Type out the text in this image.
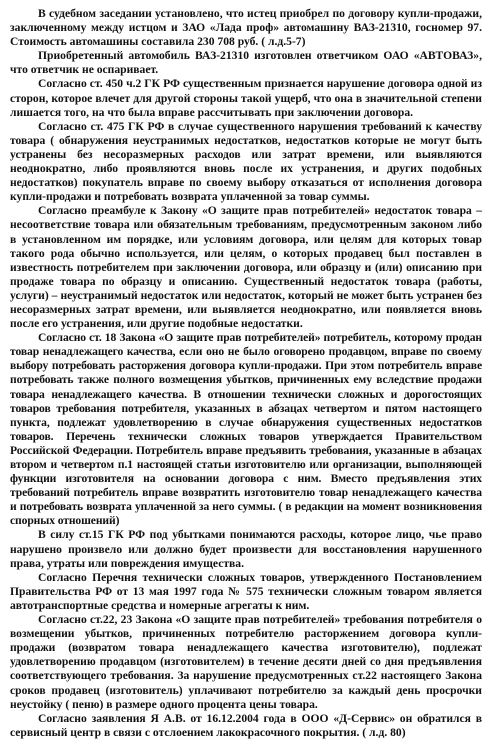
В судебном заседании установлено, что истец приобрел по договору купли-продажи, заключенному между истцом и ЗАО «Лада проф» автомашину ВАЗ-21310, госномер 97. Стоимость автомашины составила 230 708 руб. ( л.д.5-7)

Приобретенный автомобиль ВАЗ-21310 изготовлен ответчиком ОАО «АВТОВАЗ», что ответчик не оспаривает.

Согласно ст. 450 ч.2 ГК РФ существенным признается нарушение договора одной из сторон, которое влечет для другой стороны такой ущерб, что она в значительной степени лишается того, на что была вправе рассчитывать при заключении договора.

Согласно ст. 475 ГК РФ в случае существенного нарушения требований к качеству товара ( обнаружения неустранимых недостатков, недостатков которые не могут быть устранены без несоразмерных расходов или затрат времени, или выявляются неоднократно, либо проявляются вновь после их устранения, и других подобных недостатков) покупатель вправе по своему выбору отказаться от исполнения договора купли-продажи и потребовать возврата уплаченной за товар суммы.

Согласно преамбуле к Закону «О защите прав потребителей» недостаток товара – несоответствие товара или обязательным требованиям, предусмотренным законом либо в установленном им порядке, или условиям договора, или целям для которых товар такого рода обычно используется, или целям, о которых продавец был поставлен в известность потребителем при заключении договора, или образцу и (или) описанию при продаже товара по образцу и описанию. Существенный недостаток товара (работы, услуги) – неустранимый недостаток или недостаток, который не может быть устранен без несоразмерных затрат времени, или выявляется неоднократно, или появляется вновь после его устранения, или другие подобные недостатки.

Согласно ст. 18 Закона «О защите прав потребителей» потребитель, которому продан товар ненадлежащего качества, если оно не было оговорено продавцом, вправе по своему выбору потребовать расторжения договора купли-продажи. При этом потребитель вправе потребовать также полного возмещения убытков, причиненных ему вследствие продажи товара ненадлежащего качества. В отношении технически сложных и дорогостоящих товаров требования потребителя, указанных в абзацах четвертом и пятом настоящего пункта, подлежат удовлетворению в случае обнаружения существенных недостатков товаров. Перечень технически сложных товаров утверждается Правительством Российской Федерации. Потребитель вправе предъявить требования, указанные в абзацах втором и четвертом п.1 настоящей статьи изготовителю или организации, выполняющей функции изготовителя на основании договора с ним. Вместо предъявления этих требований потребитель вправе возвратить изготовителю товар ненадлежащего качества и потребовать возврата уплаченной за него суммы. ( в редакции на момент возникновения спорных отношений)

В силу ст.15 ГК РФ под убытками понимаются расходы, которое лицо, чье право нарушено произвело или должно будет произвести для восстановления нарушенного права, утраты или повреждения имущества.

Согласно Перечня технически сложных товаров, утвержденного Постановлением Правительства РФ от 13 мая 1997 года № 575 технически сложным товаром является автотранспортные средства и номерные агрегаты к ним.

Согласно ст.22, 23 Закона «О защите прав потребителей» требования потребителя о возмещении убытков, причиненных потребителю расторжением договора купли-продажи (возвратом товара ненадлежащего качества изготовителю), подлежат удовлетворению продавцом (изготовителем) в течение десяти дней со дня предъявления соответствующего требования. За нарушение предусмотренных ст.22 настоящего Закона сроков продавец (изготовитель) уплачивают потребителю за каждый день просрочки неустойку ( пеню) в размере одного процента цены товара.

Согласно заявления Я А.В. от 16.12.2004 года в ООО «Д-Сервис» он обратился в сервисный центр в связи с отслоением лакокрасочного покрытия. ( л.д. 80)
